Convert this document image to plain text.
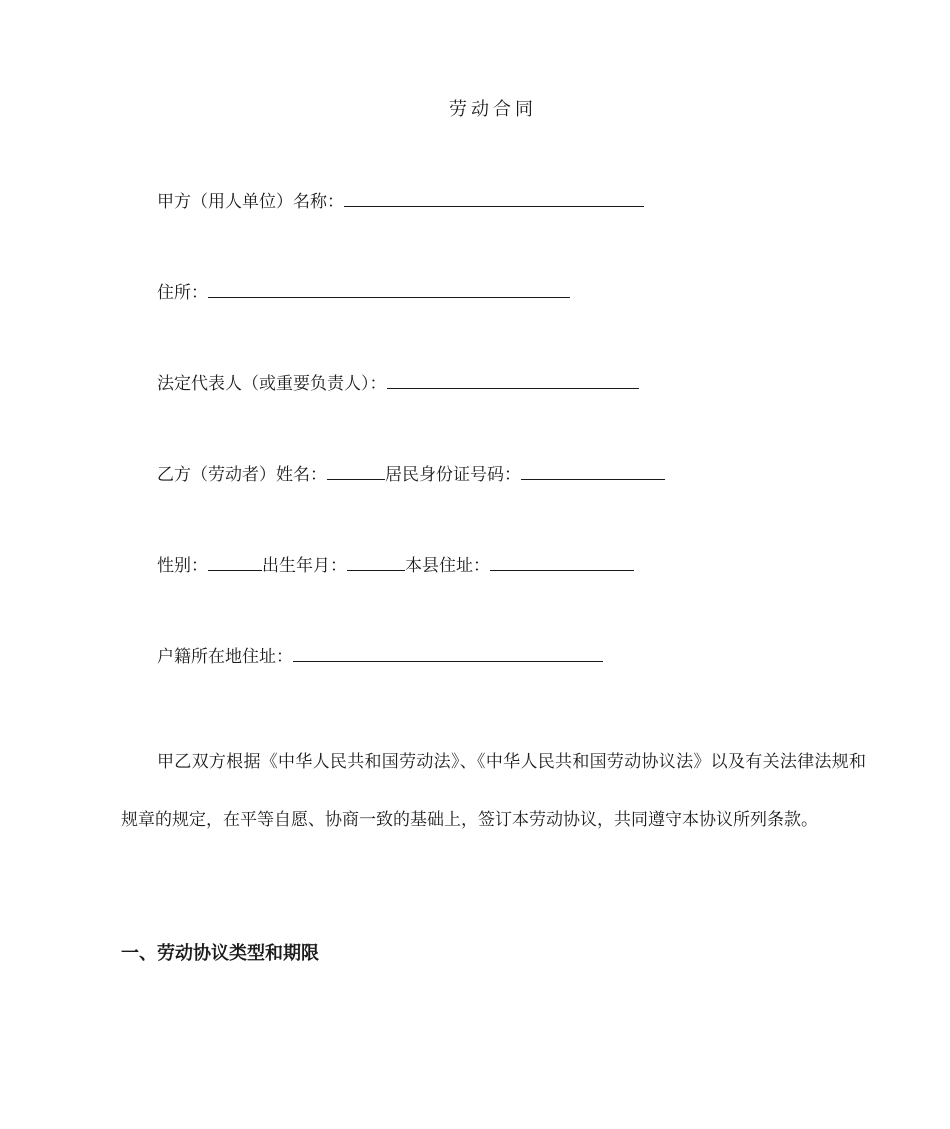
劳动合同
甲方（用人单位）名称：
住所：
法定代表人（或重要负责人）：
乙方（劳动者）姓名：	居民身份证号码：
性别：	出生年月：	本县住址：
户籍所在地住址：

甲乙双方根据《中华人民共和国劳动法》、《中华人民共和国劳动协议法》以及有关法律法规和规章的规定，在平等自愿、协商一致的基础上，签订本劳动协议，共同遵守本协议所列条款。

一、劳动协议类型和期限
